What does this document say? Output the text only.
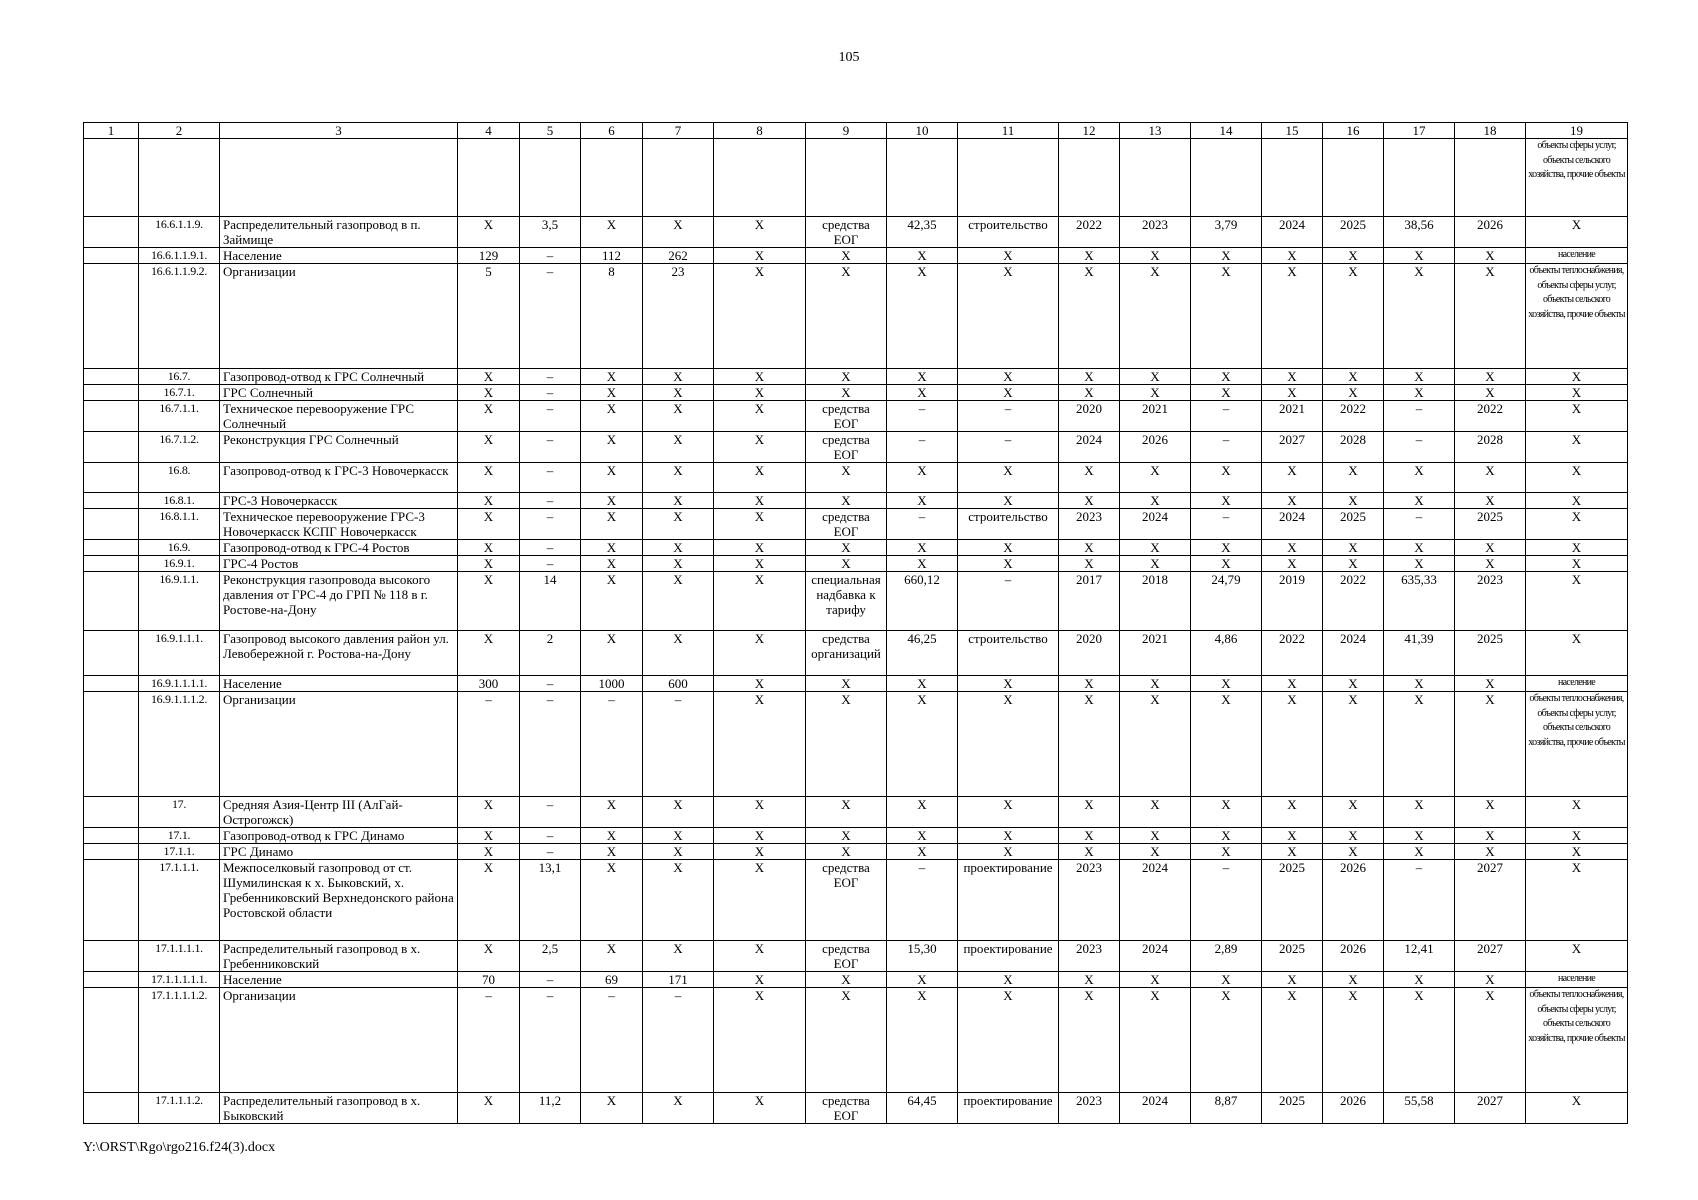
105
1	2	3	4	5	6	7	8	9	10	11	12	13	14	15	16	17	18	19
																		объекты сферы услуг, объекты сельского хозяйства, прочие объекты
	16.6.1.1.9.	Распределительный газопровод в п. Займище	Х	3,5	Х	Х	Х	средства ЕОГ	42,35	строительство	2022	2023	3,79	2024	2025	38,56	2026	Х
	16.6.1.1.9.1.	Население	129	–	112	262	Х	Х	Х	Х	Х	Х	Х	Х	Х	Х	Х	население
	16.6.1.1.9.2.	Организации	5	–	8	23	Х	Х	Х	Х	Х	Х	Х	Х	Х	Х	Х	объекты теплоснабжения, объекты сферы услуг, объекты сельского хозяйства, прочие объекты
	16.7.	Газопровод-отвод к ГРС Солнечный	Х	–	Х	Х	Х	Х	Х	Х	Х	Х	Х	Х	Х	Х	Х	Х
	16.7.1.	ГРС Солнечный	Х	–	Х	Х	Х	Х	Х	Х	Х	Х	Х	Х	Х	Х	Х	Х
	16.7.1.1.	Техническое перевооружение ГРС Солнечный	Х	–	Х	Х	Х	средства ЕОГ	–	–	2020	2021	–	2021	2022	–	2022	Х
	16.7.1.2.	Реконструкция ГРС Солнечный	Х	–	Х	Х	Х	средства ЕОГ	–	–	2024	2026	–	2027	2028	–	2028	Х
	16.8.	Газопровод-отвод к ГРС-3 Новочеркасск	Х	–	Х	Х	Х	Х	Х	Х	Х	Х	Х	Х	Х	Х	Х	Х
	16.8.1.	ГРС-3 Новочеркасск	Х	–	Х	Х	Х	Х	Х	Х	Х	Х	Х	Х	Х	Х	Х	Х
	16.8.1.1.	Техническое перевооружение ГРС-3 Новочеркасск КСПГ Новочеркасск	Х	–	Х	Х	Х	средства ЕОГ	–	строительство	2023	2024	–	2024	2025	–	2025	Х
	16.9.	Газопровод-отвод к ГРС-4 Ростов	Х	–	Х	Х	Х	Х	Х	Х	Х	Х	Х	Х	Х	Х	Х	Х
	16.9.1.	ГРС-4 Ростов	Х	–	Х	Х	Х	Х	Х	Х	Х	Х	Х	Х	Х	Х	Х	Х
	16.9.1.1.	Реконструкция газопровода высокого давления от ГРС-4 до ГРП № 118 в г. Ростове-на-Дону	Х	14	Х	Х	Х	специальная надбавка к тарифу	660,12	–	2017	2018	24,79	2019	2022	635,33	2023	Х
	16.9.1.1.1.	Газопровод высокого давления район ул. Левобережной г. Ростова-на-Дону	Х	2	Х	Х	Х	средства организаций	46,25	строительство	2020	2021	4,86	2022	2024	41,39	2025	Х
	16.9.1.1.1.1.	Население	300	–	1000	600	Х	Х	Х	Х	Х	Х	Х	Х	Х	Х	Х	население
	16.9.1.1.1.2.	Организации	–	–	–	–	Х	Х	Х	Х	Х	Х	Х	Х	Х	Х	Х	объекты теплоснабжения, объекты сферы услуг, объекты сельского хозяйства, прочие объекты
	17.	Средняя Азия-Центр III (АлГай-Острогожск)	Х	–	Х	Х	Х	Х	Х	Х	Х	Х	Х	Х	Х	Х	Х	Х
	17.1.	Газопровод-отвод к ГРС Динамо	Х	–	Х	Х	Х	Х	Х	Х	Х	Х	Х	Х	Х	Х	Х	Х
	17.1.1.	ГРС Динамо	Х	–	Х	Х	Х	Х	Х	Х	Х	Х	Х	Х	Х	Х	Х	Х
	17.1.1.1.	Межпоселковый газопровод от ст. Шумилинская к х. Быковский, х. Гребенниковский Верхнедонского района Ростовской области	Х	13,1	Х	Х	Х	средства ЕОГ	–	проектирование	2023	2024	–	2025	2026	–	2027	Х
	17.1.1.1.1.	Распределительный газопровод в х. Гребенниковский	Х	2,5	Х	Х	Х	средства ЕОГ	15,30	проектирование	2023	2024	2,89	2025	2026	12,41	2027	Х
	17.1.1.1.1.1.	Население	70	–	69	171	Х	Х	Х	Х	Х	Х	Х	Х	Х	Х	Х	население
	17.1.1.1.1.2.	Организации	–	–	–	–	Х	Х	Х	Х	Х	Х	Х	Х	Х	Х	Х	объекты теплоснабжения, объекты сферы услуг, объекты сельского хозяйства, прочие объекты
	17.1.1.1.2.	Распределительный газопровод в х. Быковский	Х	11,2	Х	Х	Х	средства ЕОГ	64,45	проектирование	2023	2024	8,87	2025	2026	55,58	2027	Х
Y:\ORST\Rgo\rgo216.f24(3).docx
